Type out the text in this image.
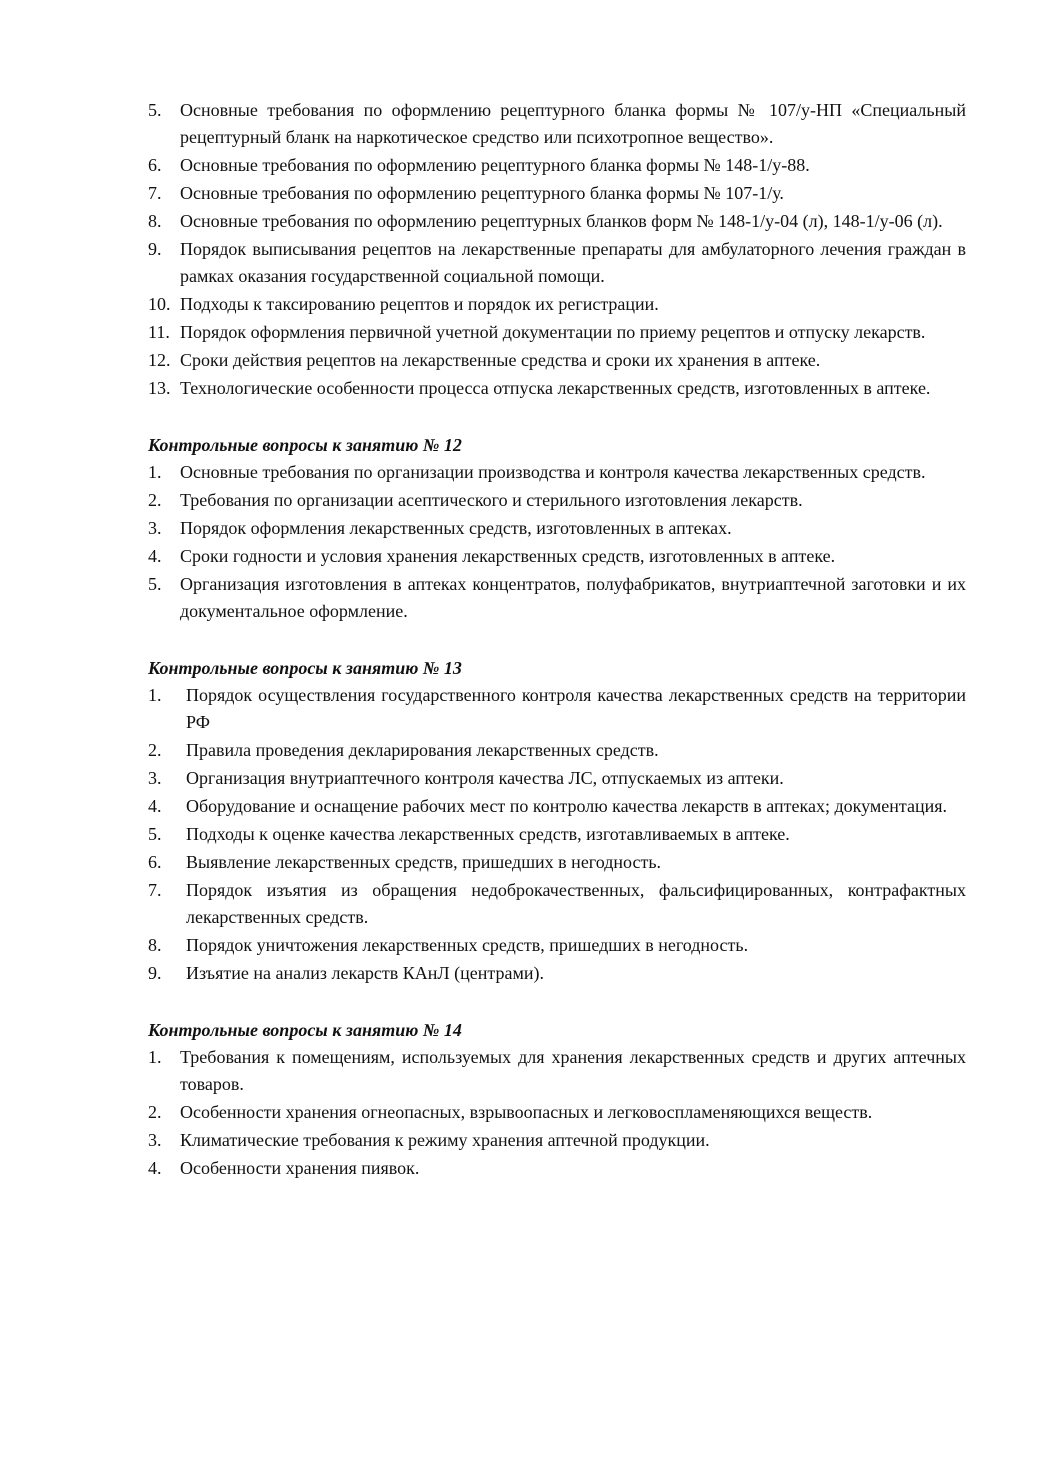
5.	Основные требования по оформлению рецептурного бланка формы № 107/у-НП «Специальный рецептурный бланк на наркотическое средство или психотропное вещество».
6.	Основные требования по оформлению рецептурного бланка формы № 148-1/у-88.
7.	Основные требования по оформлению рецептурного бланка формы № 107-1/у.
8.	Основные требования по оформлению рецептурных бланков форм № 148-1/у-04 (л), 148-1/у-06 (л).
9.	Порядок выписывания рецептов на лекарственные препараты для амбулаторного лечения граждан в рамках оказания государственной социальной помощи.
10. Подходы к таксированию рецептов и порядок их регистрации.
11. Порядок оформления первичной учетной документации по приему рецептов и отпуску лекарств.
12. Сроки действия рецептов на лекарственные средства и сроки их хранения в аптеке.
13. Технологические особенности процесса отпуска лекарственных средств, изготовленных в аптеке.

Контрольные вопросы к занятию № 12

1.	Основные требования по организации производства и контроля качества лекарственных средств.
2.	Требования по организации асептического и стерильного изготовления лекарств.
3.	Порядок оформления лекарственных средств, изготовленных в аптеках.
4.	Сроки годности и условия хранения лекарственных средств, изготовленных в аптеке.
5.	Организация изготовления в аптеках концентратов, полуфабрикатов, внутриаптечной заготовки и их документальное оформление.

Контрольные вопросы к занятию № 13

1.	Порядок осуществления государственного контроля качества лекарственных средств на территории РФ
2.	Правила проведения декларирования лекарственных средств.
3.	Организация внутриаптечного контроля качества ЛС, отпускаемых из аптеки.
4.	Оборудование и оснащение рабочих мест по контролю качества лекарств в аптеках; документация.
5.	Подходы к оценке качества лекарственных средств, изготавливаемых в аптеке.
6.	Выявление лекарственных средств, пришедших в негодность.
7.	Порядок изъятия из обращения недоброкачественных, фальсифицированных, контрафактных лекарственных средств.
8.	Порядок уничтожения лекарственных средств, пришедших в негодность.
9.	Изъятие на анализ лекарств КАнЛ (центрами).

Контрольные вопросы к занятию № 14

1.	Требования к помещениям, используемых для хранения лекарственных средств и других аптечных товаров.
2.	Особенности хранения огнеопасных, взрывоопасных и легковоспламеняющихся веществ.
3.	Климатические требования к режиму хранения аптечной продукции.
4.	Особенности хранения пиявок.
